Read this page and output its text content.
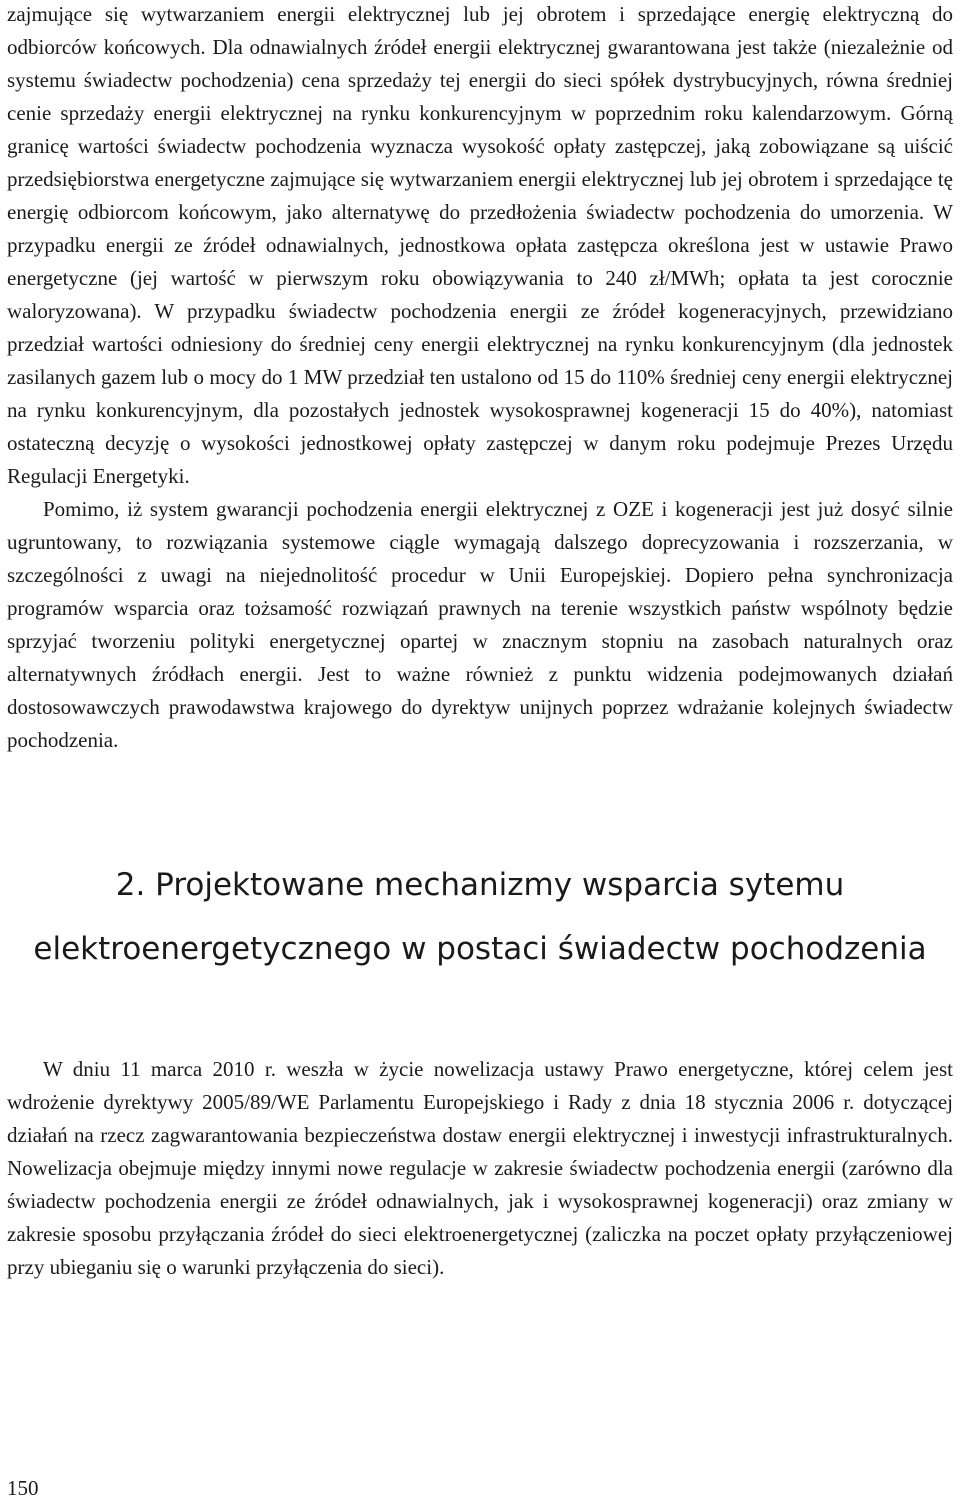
zajmujące się wytwarzaniem energii elektrycznej lub jej obrotem i sprzedające energię elektryczną do odbiorców końcowych. Dla odnawialnych źródeł energii elektrycznej gwarantowana jest także (niezależnie od systemu świadectw pochodzenia) cena sprzedaży tej energii do sieci spółek dystrybucyjnych, równa średniej cenie sprzedaży energii elektrycznej na rynku konkurencyjnym w poprzednim roku kalendarzowym. Górną granicę wartości świadectw pochodzenia wyznacza wysokość opłaty zastępczej, jaką zobowiązane są uiścić przedsiębiorstwa energetyczne zajmujące się wytwarzaniem energii elektrycznej lub jej obrotem i sprzedające tę energię odbiorcom końcowym, jako alternatywę do przedłożenia świadectw pochodzenia do umorzenia. W przypadku energii ze źródeł odnawialnych, jednostkowa opłata zastępcza określona jest w ustawie Prawo energetyczne (jej wartość w pierwszym roku obowiązywania to 240 zł/MWh; opłata ta jest corocznie waloryzowana). W przypadku świadectw pochodzenia energii ze źródeł kogeneracyjnych, przewidziano przedział wartości odniesiony do średniej ceny energii elektrycznej na rynku konkurencyjnym (dla jednostek zasilanych gazem lub o mocy do 1 MW przedział ten ustalono od 15 do 110% średniej ceny energii elektrycznej na rynku konkurencyjnym, dla pozostałych jednostek wysokosprawnej kogeneracji 15 do 40%), natomiast ostateczną decyzję o wysokości jednostkowej opłaty zastępczej w danym roku podejmuje Prezes Urzędu Regulacji Energetyki.

Pomimo, iż system gwarancji pochodzenia energii elektrycznej z OZE i kogeneracji jest już dosyć silnie ugruntowany, to rozwiązania systemowe ciągle wymagają dalszego doprecyzowania i rozszerzania, w szczególności z uwagi na niejednolitość procedur w Unii Europejskiej. Dopiero pełna synchronizacja programów wsparcia oraz tożsamość rozwiązań prawnych na terenie wszystkich państw wspólnoty będzie sprzyjać tworzeniu polityki energetycznej opartej w znacznym stopniu na zasobach naturalnych oraz alternatywnych źródłach energii. Jest to ważne również z punktu widzenia podejmowanych działań dostosowawczych prawodawstwa krajowego do dyrektyw unijnych poprzez wdrażanie kolejnych świadectw pochodzenia.

2. Projektowane mechanizmy wsparcia sytemu
elektroenergetycznego w postaci świadectw pochodzenia

W dniu 11 marca 2010 r. weszła w życie nowelizacja ustawy Prawo energetyczne, której celem jest wdrożenie dyrektywy 2005/89/WE Parlamentu Europejskiego i Rady z dnia 18 stycznia 2006 r. dotyczącej działań na rzecz zagwarantowania bezpieczeństwa dostaw energii elektrycznej i inwestycji infrastrukturalnych. Nowelizacja obejmuje między innymi nowe regulacje w zakresie świadectw pochodzenia energii (zarówno dla świadectw pochodzenia energii ze źródeł odnawialnych, jak i wysokosprawnej kogeneracji) oraz zmiany w zakresie sposobu przyłączania źródeł do sieci elektroenergetycznej (zaliczka na poczet opłaty przyłączeniowej przy ubieganiu się o warunki przyłączenia do sieci).

150
